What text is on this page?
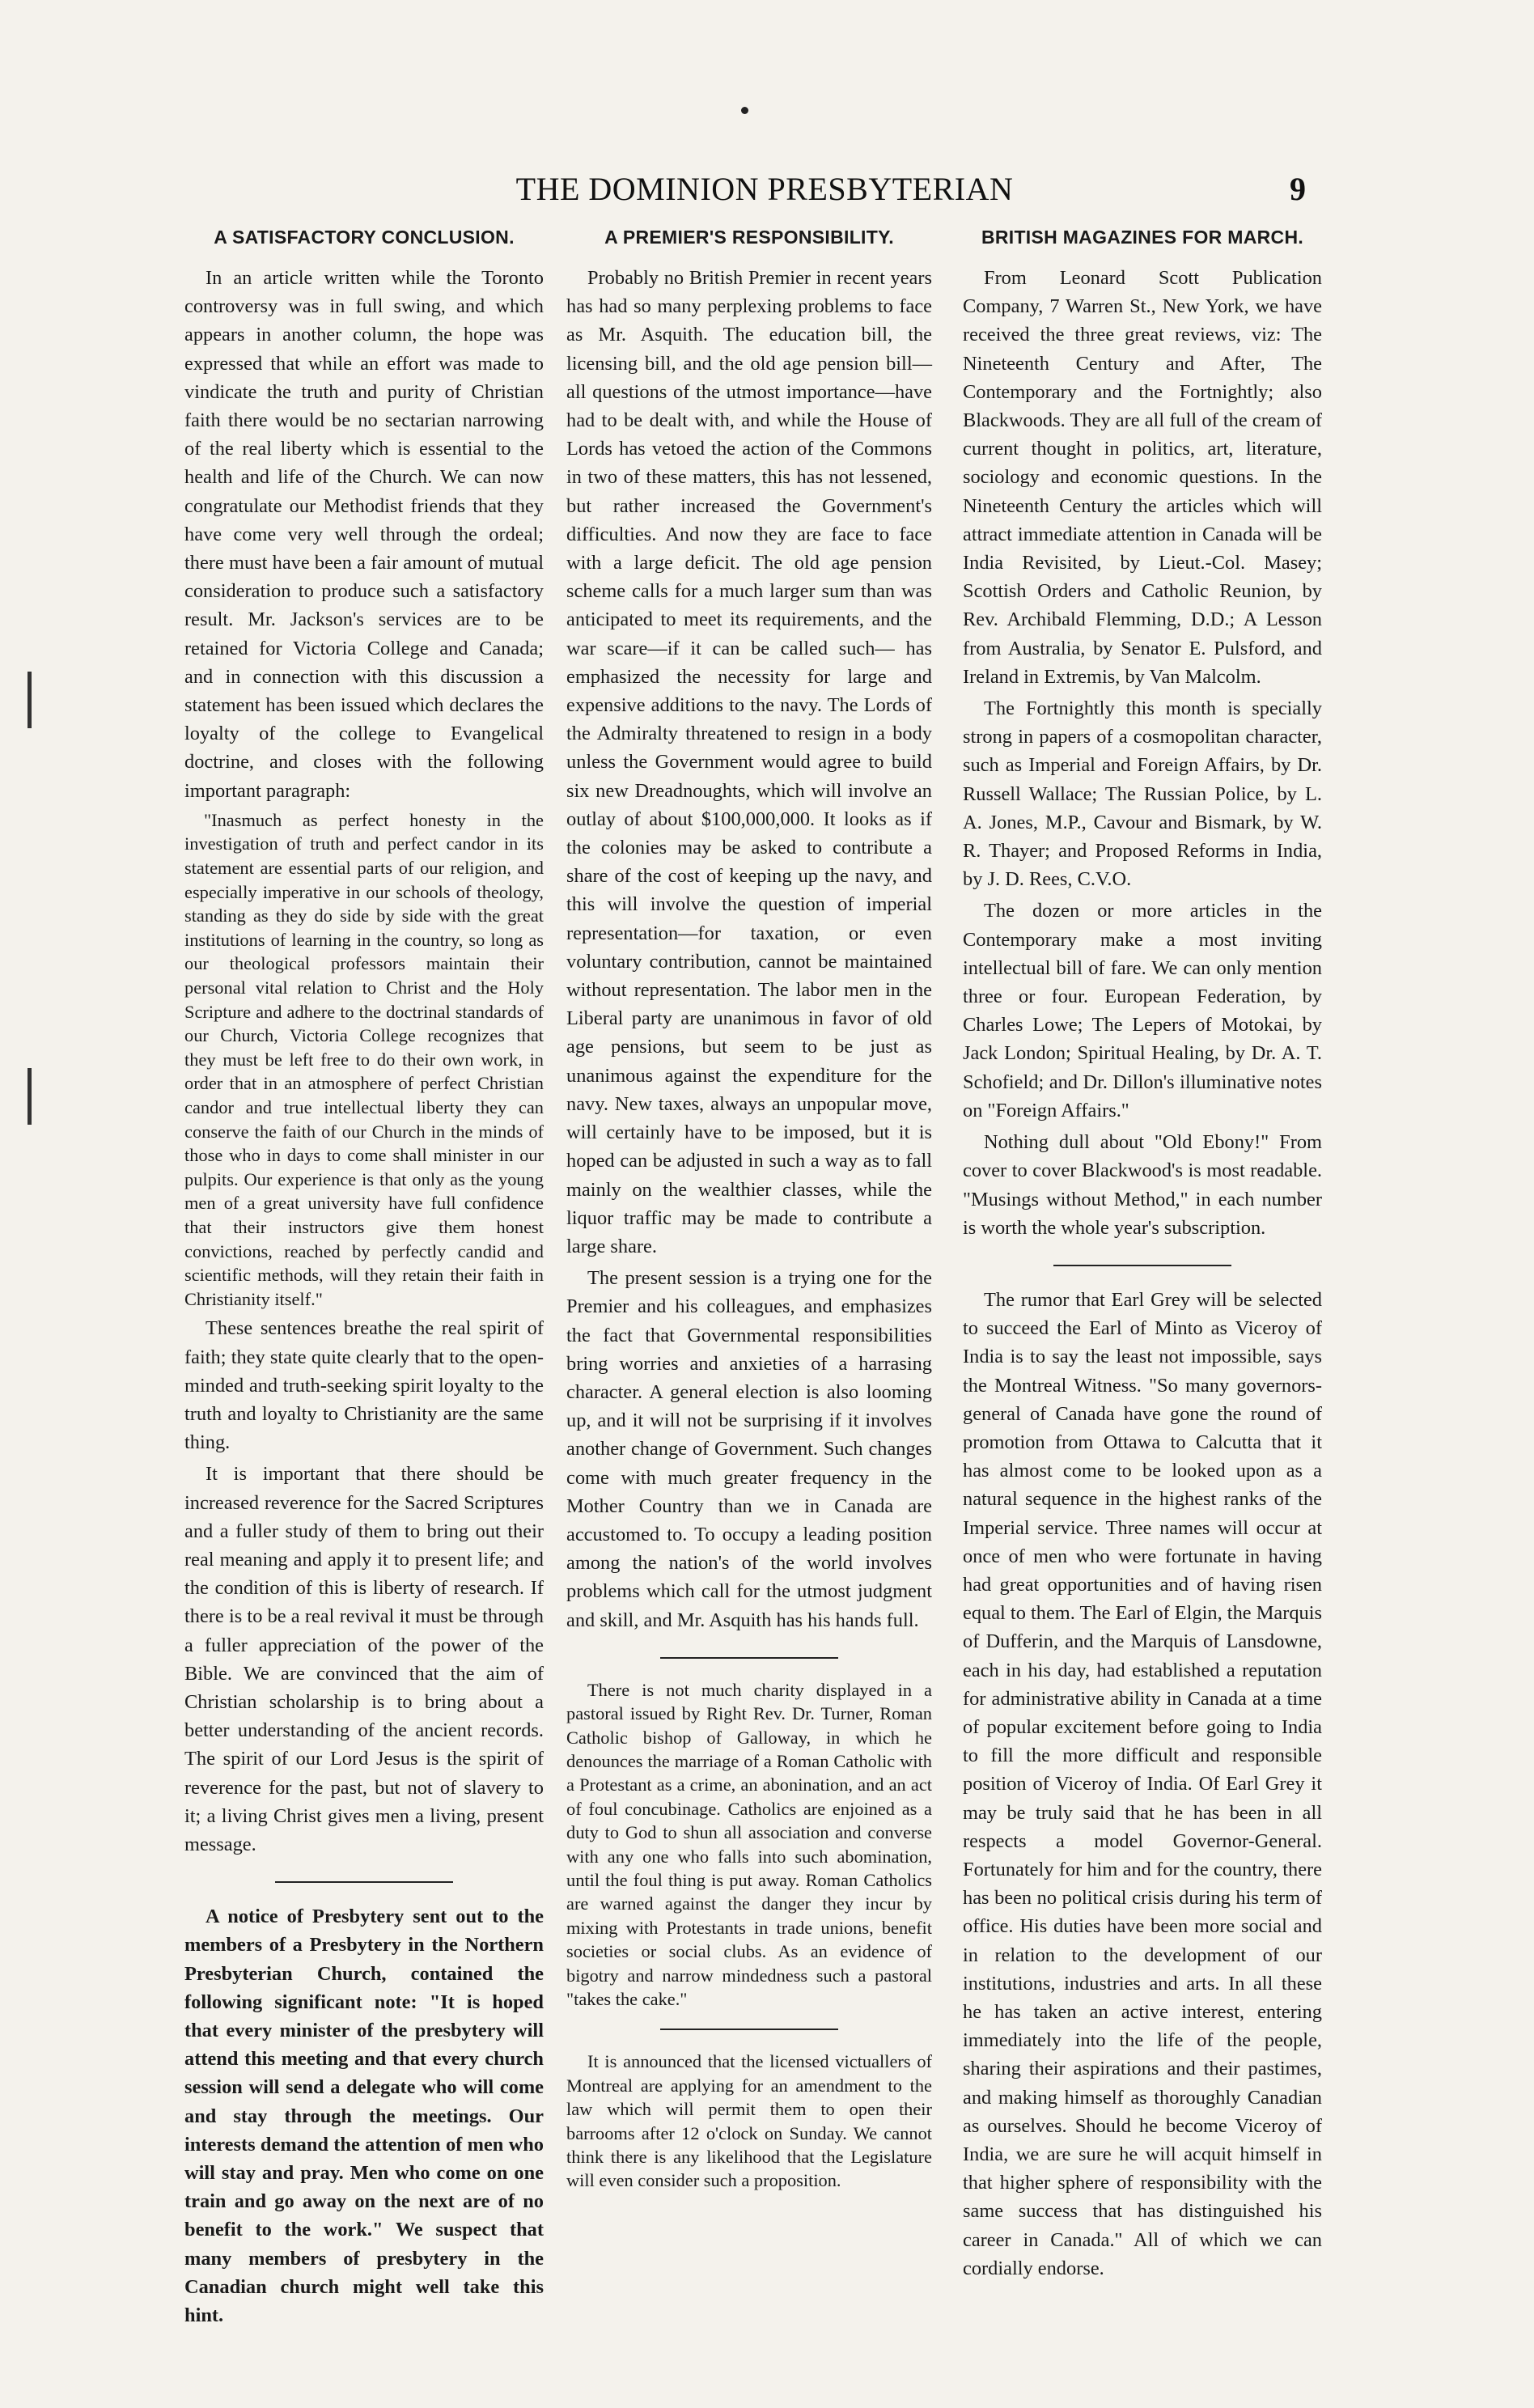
THE DOMINION PRESBYTERIAN	9
A SATISFACTORY CONCLUSION.

In an article written while the Toronto controversy was in full swing, and which appears in another column, the hope was expressed that while an effort was made to vindicate the truth and purity of Christian faith there would be no sectarian narrowing of the real liberty which is essential to the health and life of the Church. We can now congratulate our Methodist friends that they have come very well through the ordeal; there must have been a fair amount of mutual consideration to produce such a satisfactory result. Mr. Jackson's services are to be retained for Victoria College and Canada; and in connection with this discussion a statement has been issued which declares the loyalty of the college to Evangelical doctrine, and closes with the following important paragraph:

"Inasmuch as perfect honesty in the investigation of truth and perfect candor in its statement are essential parts of our religion, and especially imperative in our schools of theology, standing as they do side by side with the great institutions of learning in the country, so long as our theological professors maintain their personal vital relation to Christ and the Holy Scripture and adhere to the doctrinal standards of our Church, Victoria College recognizes that they must be left free to do their own work, in order that in an atmosphere of perfect Christian candor and true intellectual liberty they can conserve the faith of our Church in the minds of those who in days to come shall minister in our pulpits. Our experience is that only as the young men of a great university have full confidence that their instructors give them honest convictions, reached by perfectly candid and scientific methods, will they retain their faith in Christianity itself."

These sentences breathe the real spirit of faith; they state quite clearly that to the open-minded and truth-seeking spirit loyalty to the truth and loyalty to Christianity are the same thing.

It is important that there should be increased reverence for the Sacred Scriptures and a fuller study of them to bring out their real meaning and apply it to present life; and the condition of this is liberty of research. If there is to be a real revival it must be through a fuller appreciation of the power of the Bible. We are convinced that the aim of Christian scholarship is to bring about a better understanding of the ancient records. The spirit of our Lord Jesus is the spirit of reverence for the past, but not of slavery to it; a living Christ gives men a living, present message.

A notice of Presbytery sent out to the members of a Presbytery in the Northern Presbyterian Church, contained the following significant note: "It is hoped that every minister of the presbytery will attend this meeting and that every church session will send a delegate who will come and stay through the meetings. Our interests demand the attention of men who will stay and pray. Men who come on one train and go away on the next are of no benefit to the work." We suspect that many members of presbytery in the Canadian church might well take this hint.

A PREMIER'S RESPONSIBILITY.

Probably no British Premier in recent years has had so many perplexing problems to face as Mr. Asquith. The education bill, the licensing bill, and the old age pension bill—all questions of the utmost importance—have had to be dealt with, and while the House of Lords has vetoed the action of the Commons in two of these matters, this has not lessened, but rather increased the Government's difficulties. And now they are face to face with a large deficit. The old age pension scheme calls for a much larger sum than was anticipated to meet its requirements, and the war scare—if it can be called such— has emphasized the necessity for large and expensive additions to the navy. The Lords of the Admiralty threatened to resign in a body unless the Government would agree to build six new Dreadnoughts, which will involve an outlay of about $100,000,000. It looks as if the colonies may be asked to contribute a share of the cost of keeping up the navy, and this will involve the question of imperial representation—for taxation, or even voluntary contribution, cannot be maintained without representation. The labor men in the Liberal party are unanimous in favor of old age pensions, but seem to be just as unanimous against the expenditure for the navy. New taxes, always an unpopular move, will certainly have to be imposed, but it is hoped can be adjusted in such a way as to fall mainly on the wealthier classes, while the liquor traffic may be made to contribute a large share.

The present session is a trying one for the Premier and his colleagues, and emphasizes the fact that Governmental responsibilities bring worries and anxieties of a harrasing character. A general election is also looming up, and it will not be surprising if it involves another change of Government. Such changes come with much greater frequency in the Mother Country than we in Canada are accustomed to. To occupy a leading position among the nation's of the world involves problems which call for the utmost judgment and skill, and Mr. Asquith has his hands full.

There is not much charity displayed in a pastoral issued by Right Rev. Dr. Turner, Roman Catholic bishop of Galloway, in which he denounces the marriage of a Roman Catholic with a Protestant as a crime, an abonination, and an act of foul concubinage. Catholics are enjoined as a duty to God to shun all association and converse with any one who falls into such abomination, until the foul thing is put away. Roman Catholics are warned against the danger they incur by mixing with Protestants in trade unions, benefit societies or social clubs. As an evidence of bigotry and narrow mindedness such a pastoral "takes the cake."

It is announced that the licensed victuallers of Montreal are applying for an amendment to the law which will permit them to open their barrooms after 12 o'clock on Sunday. We cannot think there is any likelihood that the Legislature will even consider such a proposition.

BRITISH MAGAZINES FOR MARCH.

From Leonard Scott Publication Company, 7 Warren St., New York, we have received the three great reviews, viz: The Nineteenth Century and After, The Contemporary and the Fortnightly; also Blackwoods. They are all full of the cream of current thought in politics, art, literature, sociology and economic questions. In the Nineteenth Century the articles which will attract immediate attention in Canada will be India Revisited, by Lieut.-Col. Masey; Scottish Orders and Catholic Reunion, by Rev. Archibald Flemming, D.D.; A Lesson from Australia, by Senator E. Pulsford, and Ireland in Extremis, by Van Malcolm.

The Fortnightly this month is specially strong in papers of a cosmopolitan character, such as Imperial and Foreign Affairs, by Dr. Russell Wallace; The Russian Police, by L. A. Jones, M.P., Cavour and Bismark, by W. R. Thayer; and Proposed Reforms in India, by J. D. Rees, C.V.O.

The dozen or more articles in the Contemporary make a most inviting intellectual bill of fare. We can only mention three or four. European Federation, by Charles Lowe; The Lepers of Motokai, by Jack London; Spiritual Healing, by Dr. A. T. Schofield; and Dr. Dillon's illuminative notes on "Foreign Affairs."

Nothing dull about "Old Ebony!" From cover to cover Blackwood's is most readable. "Musings without Method," in each number is worth the whole year's subscription.

The rumor that Earl Grey will be selected to succeed the Earl of Minto as Viceroy of India is to say the least not impossible, says the Montreal Witness. "So many governors-general of Canada have gone the round of promotion from Ottawa to Calcutta that it has almost come to be looked upon as a natural sequence in the highest ranks of the Imperial service. Three names will occur at once of men who were fortunate in having had great opportunities and of having risen equal to them. The Earl of Elgin, the Marquis of Dufferin, and the Marquis of Lansdowne, each in his day, had established a reputation for administrative ability in Canada at a time of popular excitement before going to India to fill the more difficult and responsible position of Viceroy of India. Of Earl Grey it may be truly said that he has been in all respects a model Governor-General. Fortunately for him and for the country, there has been no political crisis during his term of office. His duties have been more social and in relation to the development of our institutions, industries and arts. In all these he has taken an active interest, entering immediately into the life of the people, sharing their aspirations and their pastimes, and making himself as thoroughly Canadian as ourselves. Should he become Viceroy of India, we are sure he will acquit himself in that higher sphere of responsibility with the same success that has distinguished his career in Canada." All of which we can cordially endorse.
